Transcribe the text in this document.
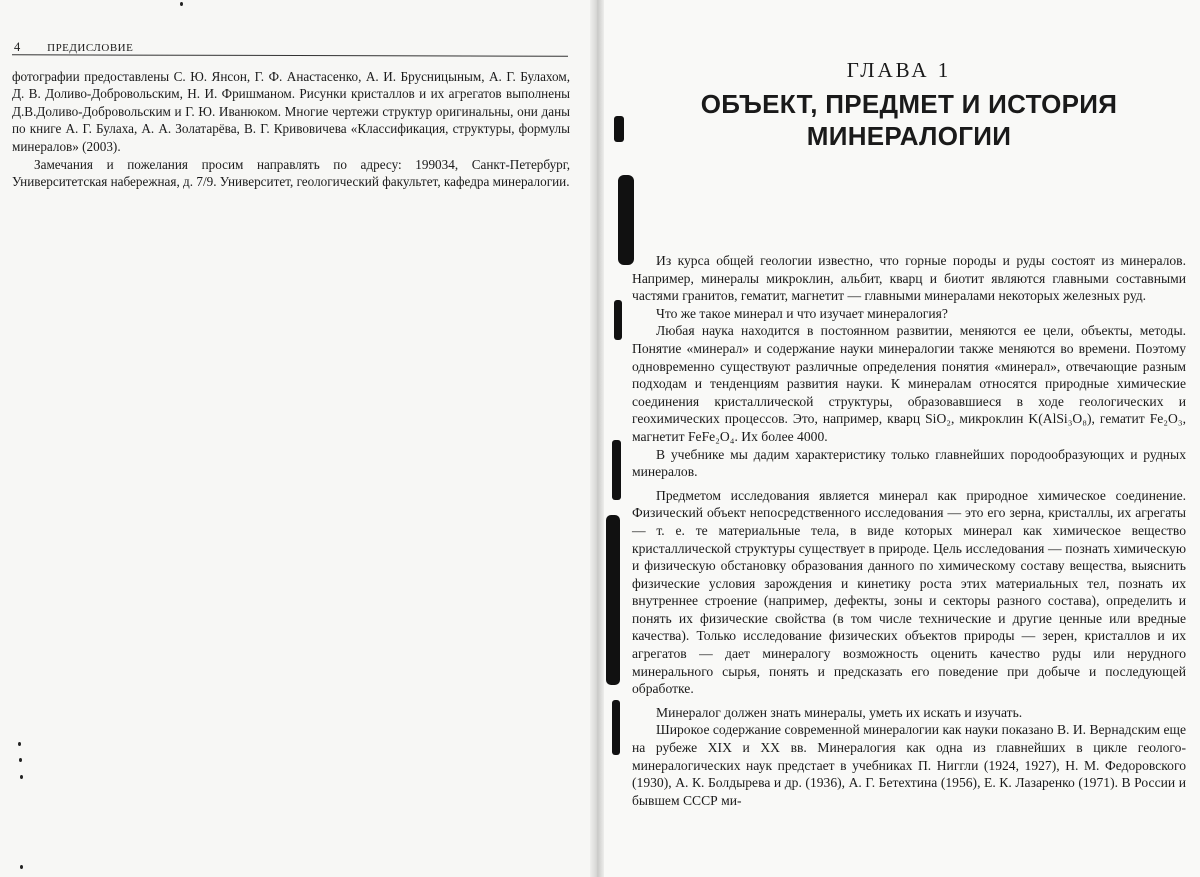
4 ПРЕДИСЛОВИЕ

фотографии предоставлены С. Ю. Янсон, Г. Ф. Анастасенко, А. И. Брусницыным, А. Г. Булахом, Д. В. Доливо-Добровольским, Н. И. Фришманом. Рисунки кристаллов и их агрегатов выполнены Д.В.Доливо-Добровольским и Г. Ю. Иванюком. Многие чертежи структур оригинальны, они даны по книге А. Г. Булаха, А. А. Золатарёва, В. Г. Кривовичева «Классификация, структуры, формулы минералов» (2003).

Замечания и пожелания просим направлять по адресу: 199034, Санкт-Петербург, Университетская набережная, д. 7/9. Университет, геологический факультет, кафедра минералогии.

ГЛАВА 1
ОБЪЕКТ, ПРЕДМЕТ И ИСТОРИЯ
МИНЕРАЛОГИИ

Из курса общей геологии известно, что горные породы и руды состоят из минералов. Например, минералы микроклин, альбит, кварц и биотит являются главными составными частями гранитов, гематит, магнетит — главными минералами некоторых железных руд.

Что же такое минерал и что изучает минералогия?

Любая наука находится в постоянном развитии, меняются ее цели, объекты, методы. Понятие «минерал» и содержание науки минералогии также меняются во времени. Поэтому одновременно существуют различные определения понятия «минерал», отвечающие разным подходам и тенденциям развития науки. К минералам относятся природные химические соединения кристаллической структуры, образовавшиеся в ходе геологических и геохимических процессов. Это, например, кварц SiO₂, микроклин K(AlSi₃O₈), гематит Fe₂O₃, магнетит FeFe₂O₄. Их более 4000.

В учебнике мы дадим характеристику только главнейших породообразующих и рудных минералов.

Предметом исследования является минерал как природное химическое соединение. Физический объект непосредственного исследования — это его зерна, кристаллы, их агрегаты — т. е. те материальные тела, в виде которых минерал как химическое вещество кристаллической структуры существует в природе. Цель исследования — познать химическую и физическую обстановку образования данного по химическому составу вещества, выяснить физические условия зарождения и кинетику роста этих материальных тел, познать их внутреннее строение (например, дефекты, зоны и секторы разного состава), определить и понять их физические свойства (в том числе технические и другие ценные или вредные качества). Только исследование физических объектов природы — зерен, кристаллов и их агрегатов — дает минералогу возможность оценить качество руды или нерудного минерального сырья, понять и предсказать его поведение при добыче и последующей обработке.

Минералог должен знать минералы, уметь их искать и изучать.

Широкое содержание современной минералогии как науки показано В. И. Вернадским еще на рубеже XIX и XX вв. Минералогия как одна из главнейших в цикле геолого-минералогических наук предстает в учебниках П. Ниггли (1924, 1927), Н. М. Федоровского (1930), А. К. Болдырева и др. (1936), А. Г. Бетехтина (1956), Е. К. Лазаренко (1971). В России и бывшем СССР ми-
